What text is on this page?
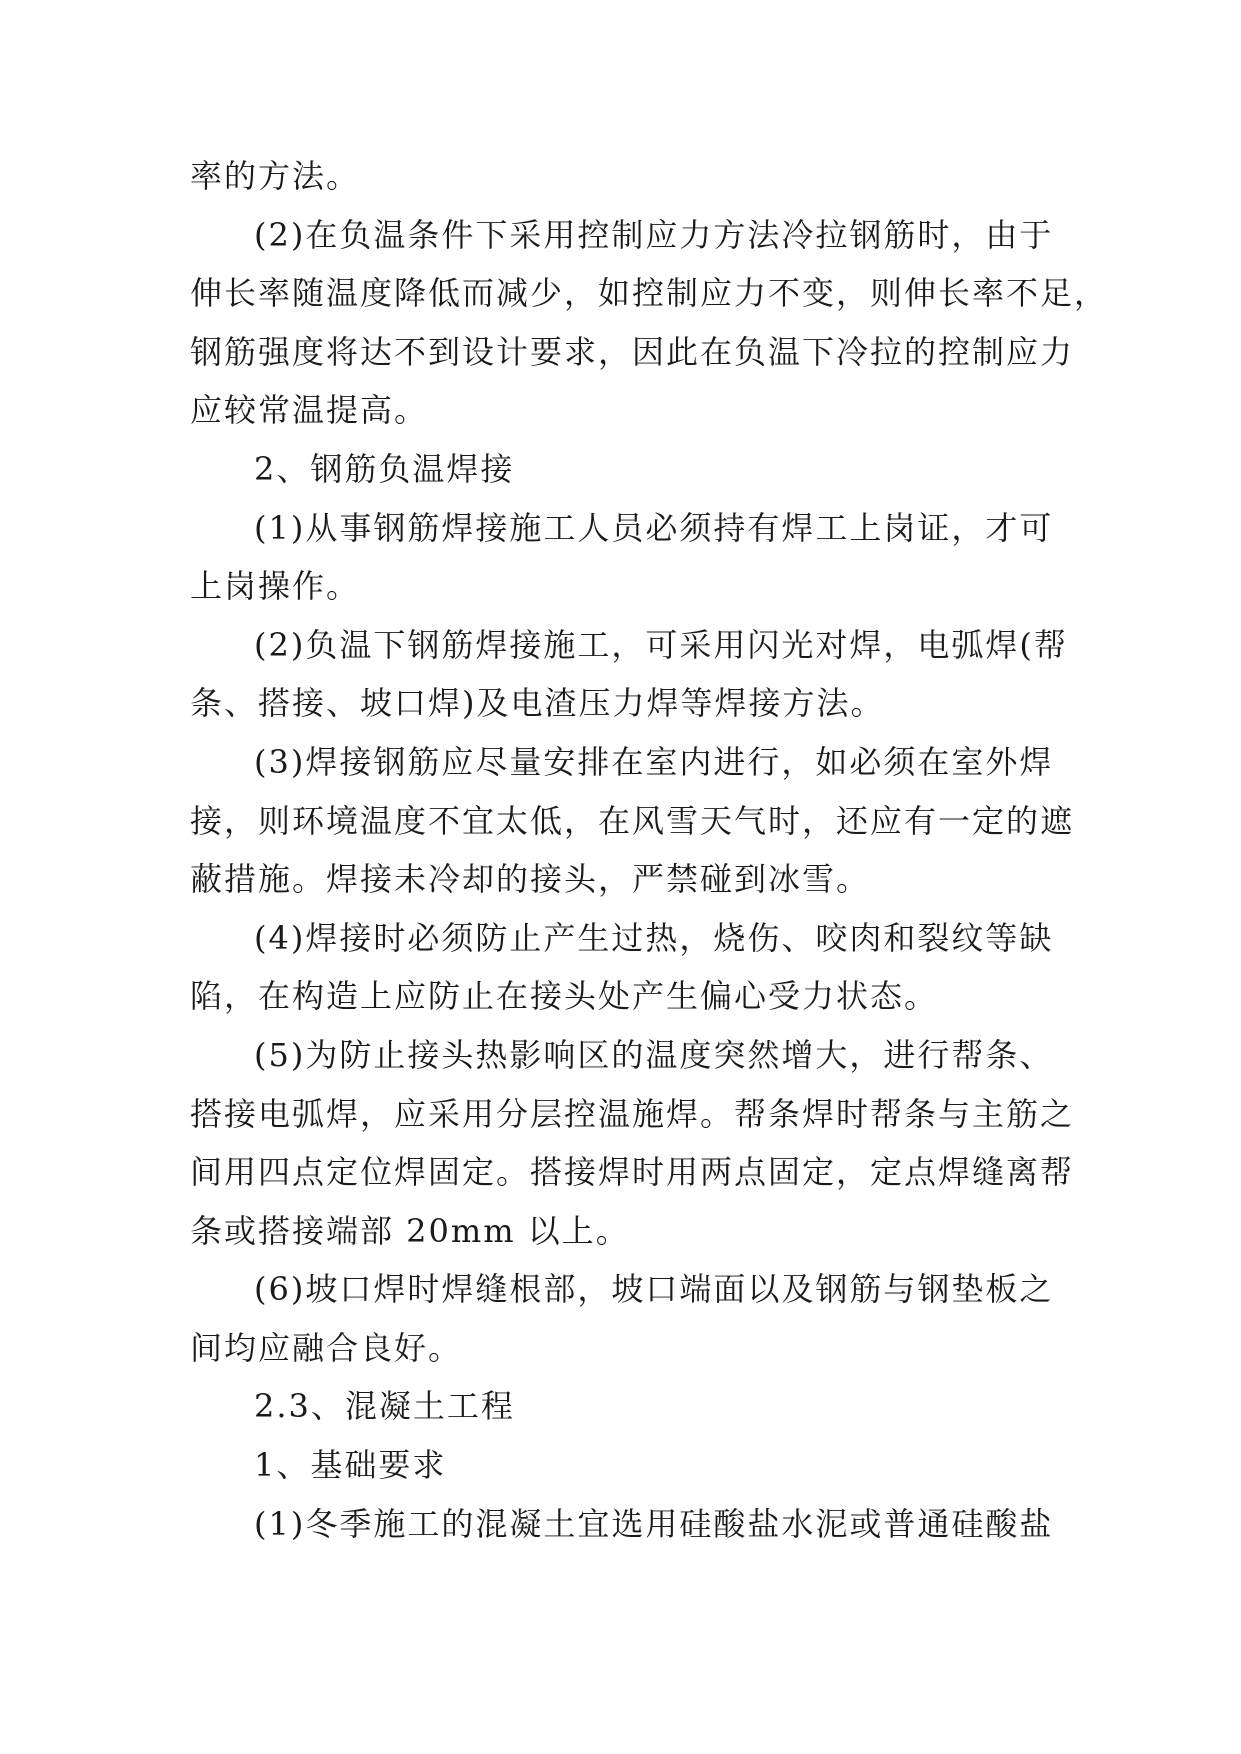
率的方法。
(2)在负温条件下采用控制应力方法冷拉钢筋时，由于
伸长率随温度降低而减少，如控制应力不变，则伸长率不足，
钢筋强度将达不到设计要求，因此在负温下冷拉的控制应力
应较常温提高。
2、钢筋负温焊接
(1)从事钢筋焊接施工人员必须持有焊工上岗证，才可
上岗操作。
(2)负温下钢筋焊接施工，可采用闪光对焊，电弧焊(帮
条、搭接、坡口焊)及电渣压力焊等焊接方法。
(3)焊接钢筋应尽量安排在室内进行，如必须在室外焊
接，则环境温度不宜太低，在风雪天气时，还应有一定的遮
蔽措施。焊接未冷却的接头，严禁碰到冰雪。
(4)焊接时必须防止产生过热，烧伤、咬肉和裂纹等缺
陷，在构造上应防止在接头处产生偏心受力状态。
(5)为防止接头热影响区的温度突然增大，进行帮条、
搭接电弧焊，应采用分层控温施焊。帮条焊时帮条与主筋之
间用四点定位焊固定。搭接焊时用两点固定，定点焊缝离帮
条或搭接端部 20mm 以上。
(6)坡口焊时焊缝根部，坡口端面以及钢筋与钢垫板之
间均应融合良好。
2.3、混凝土工程
1、基础要求
(1)冬季施工的混凝土宜选用硅酸盐水泥或普通硅酸盐
